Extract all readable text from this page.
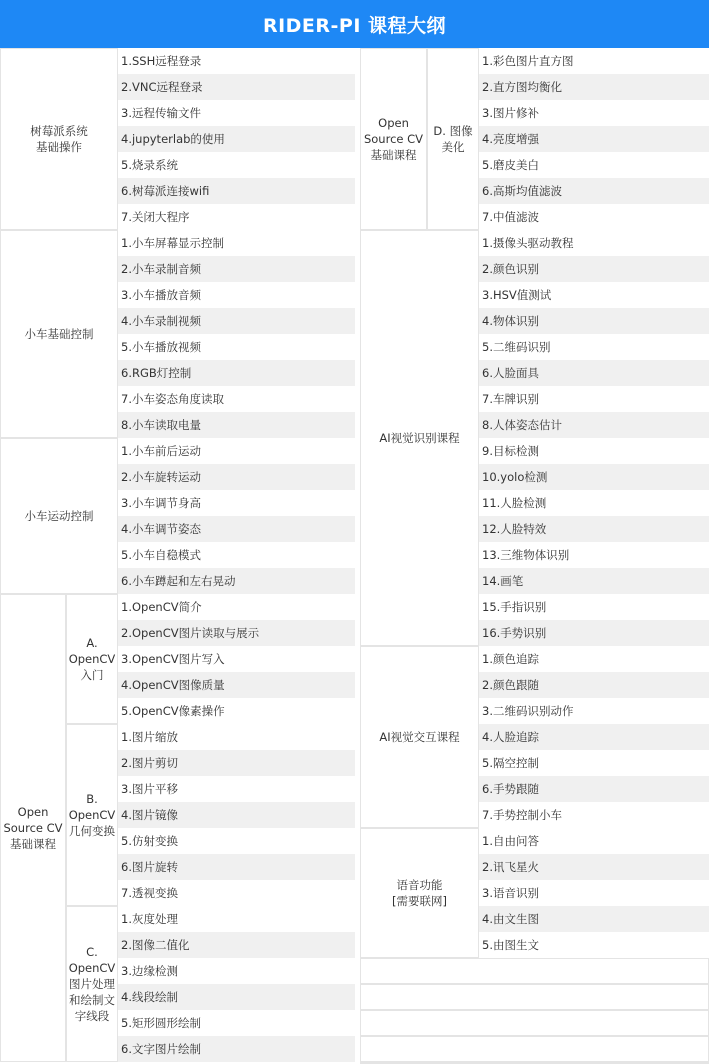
RIDER-PI 课程大纲
1.SSH远程登录
2.VNC远程登录
3.远程传输文件
4.jupyterlab的使用
5.烧录系统
6.树莓派连接wifi
7.关闭大程序
树莓派系统
基础操作
1.小车屏幕显示控制
2.小车录制音频
3.小车播放音频
4.小车录制视频
5.小车播放视频
6.RGB灯控制
7.小车姿态角度读取
8.小车读取电量
小车基础控制
1.小车前后运动
2.小车旋转运动
3.小车调节身高
4.小车调节姿态
5.小车自稳模式
6.小车蹲起和左右晃动
小车运动控制
1.OpenCV简介
2.OpenCV图片读取与展示
3.OpenCV图片写入
4.OpenCV图像质量
5.OpenCV像素操作
A.
OpenCV
入门
1.图片缩放
2.图片剪切
3.图片平移
4.图片镜像
5.仿射变换
6.图片旋转
7.透视变换
B.
OpenCV
几何变换
1.灰度处理
2.图像二值化
3.边缘检测
4.线段绘制
5.矩形圆形绘制
6.文字图片绘制
C.
OpenCV
图片处理
和绘制文
字线段
Open
Source CV
基础课程
1.彩色图片直方图
2.直方图均衡化
3.图片修补
4.亮度增强
5.磨皮美白
6.高斯均值滤波
7.中值滤波
Open
Source CV
基础课程
D. 图像
美化
1.摄像头驱动教程
2.颜色识别
3.HSV值测试
4.物体识别
5.二维码识别
6.人脸面具
7.车牌识别
8.人体姿态估计
9.目标检测
10.yolo检测
11.人脸检测
12.人脸特效
13.三维物体识别
14.画笔
15.手指识别
16.手势识别
AI视觉识别课程
1.颜色追踪
2.颜色跟随
3.二维码识别动作
4.人脸追踪
5.隔空控制
6.手势跟随
7.手势控制小车
AI视觉交互课程
1.自由问答
2.讯飞星火
3.语音识别
4.由文生图
5.由图生文
语音功能
[需要联网]
